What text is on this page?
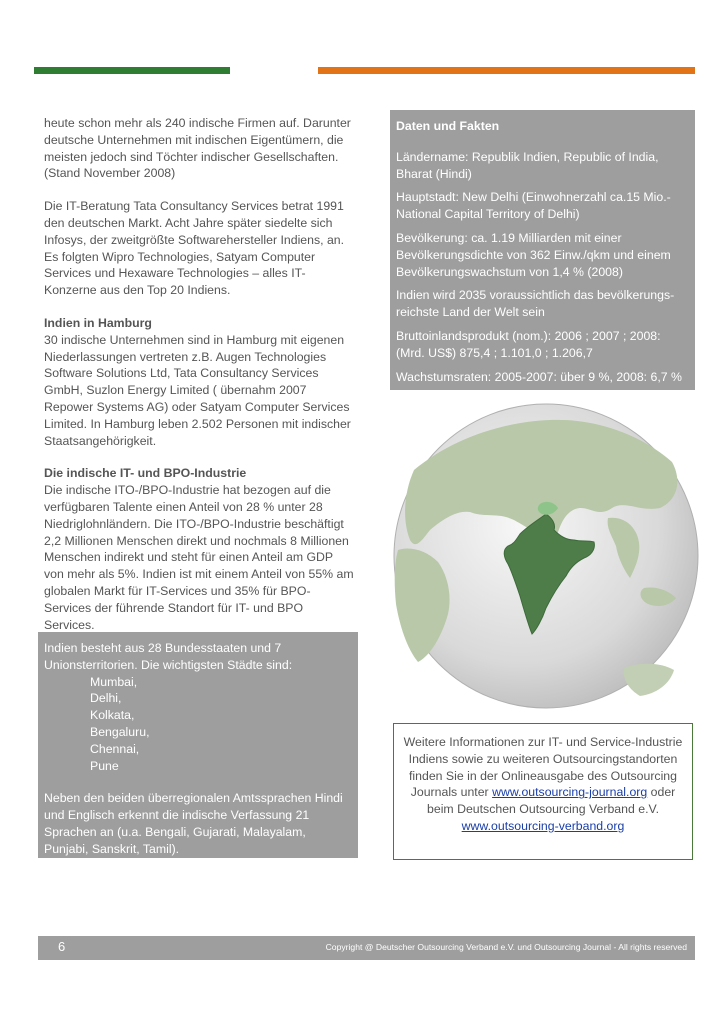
heute schon mehr als 240 indische Firmen auf. Darunter deutsche Unternehmen mit indischen Eigentümern, die meisten jedoch sind Töchter indischer Gesellschaften. (Stand November 2008)

Die IT-Beratung Tata Consultancy Services betrat 1991 den deutschen Markt. Acht Jahre später siedelte sich Infosys, der zweitgrößte Softwarehersteller Indiens, an. Es folgten Wipro Technologies, Satyam Computer Services und Hexaware Technologies – alles IT-Konzerne aus den Top 20 Indiens.

Indien in Hamburg
30 indische Unternehmen sind in Hamburg mit eigenen Niederlassungen vertreten z.B. Augen Technologies Software Solutions Ltd, Tata Consultancy Services GmbH, Suzlon Energy Limited ( übernahm 2007 Repower Systems AG) oder Satyam Computer Services Limited. In Hamburg leben 2.502 Personen mit indischer Staatsangehörigkeit.
Die indische IT- und BPO-Industrie
Die indische ITO-/BPO-Industrie hat bezogen auf die verfügbaren Talente einen Anteil von 28 % unter 28 Niedriglohnländern. Die ITO-/BPO-Industrie beschäftigt 2,2 Millionen Menschen direkt und nochmals 8 Millionen Menschen indirekt und steht für einen Anteil am GDP von mehr als 5%. Indien ist mit einem Anteil von 55% am globalen Markt für IT-Services und 35% für BPO-Services der führende Standort für IT- und BPO Services.
Daten und Fakten
Ländername: Republik Indien, Republic of India, Bharat (Hindi)
Hauptstadt: New Delhi (Einwohnerzahl ca.15 Mio.- National Capital Territory of Delhi)
Bevölkerung: ca. 1.19 Milliarden mit einer Bevölkerungsdichte von 362 Einw./qkm und einem Bevölkerungswachstum von 1,4 % (2008)
Indien wird 2035 voraussichtlich das bevölkerungs-reichste Land der Welt sein
Bruttoinlandsprodukt (nom.): 2006 ; 2007 ; 2008: (Mrd. US$) 875,4 ; 1.101,0 ; 1.206,7
Wachstumsraten: 2005-2007: über 9 %, 2008: 6,7 %
Indien besteht aus 28 Bundesstaaten und 7 Unionsterritorien. Die wichtigsten Städte sind:
Mumbai,
Delhi,
Kolkata,
Bengaluru,
Chennai,
Pune
Neben den beiden überregionalen Amtssprachen Hindi und Englisch erkennt die indische Verfassung 21 Sprachen an (u.a. Bengali, Gujarati, Malayalam, Punjabi, Sanskrit, Tamil).
Weitere Informationen zur IT- und Service-Industrie Indiens sowie zu weiteren Outsourcingstandorten finden Sie in der Onlineausgabe des Outsourcing Journals unter www.outsourcing-journal.org oder beim Deutschen Outsourcing Verband e.V.
www.outsourcing-verband.org
6	Copyright @ Deutscher Outsourcing Verband e.V. und Outsourcing Journal - All rights reserved
